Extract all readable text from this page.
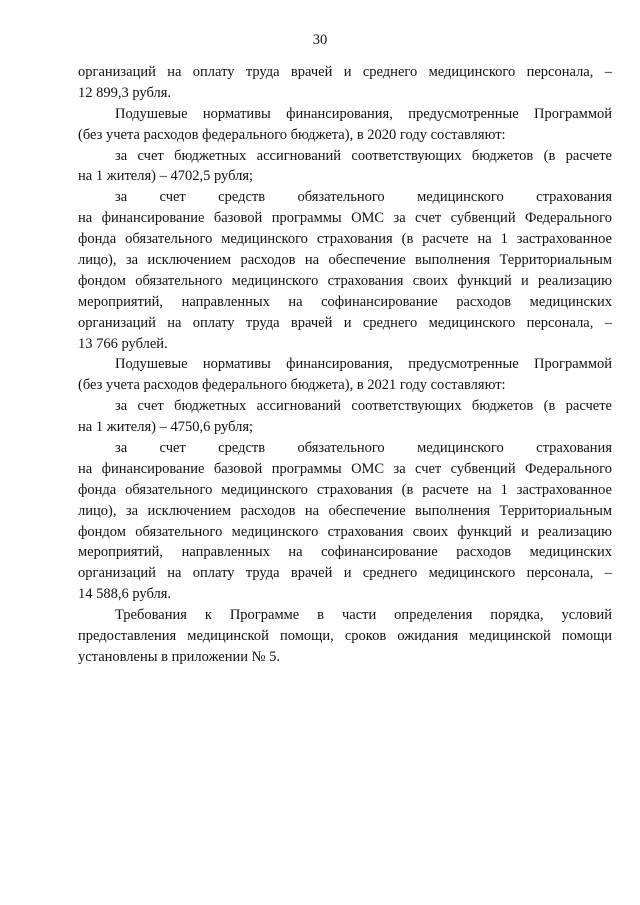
30
организаций на оплату труда врачей и среднего медицинского персонала, –
12 899,3 рубля.
Подушевые нормативы финансирования, предусмотренные Программой
(без учета расходов федерального бюджета), в 2020 году составляют:
за счет бюджетных ассигнований соответствующих бюджетов (в расчете
на 1 жителя) – 4702,5 рубля;
за счет средств обязательного медицинского страхования
на финансирование базовой программы ОМС за счет субвенций Федерального
фонда обязательного медицинского страхования (в расчете на 1 застрахованное
лицо), за исключением расходов на обеспечение выполнения Территориальным
фондом обязательного медицинского страхования своих функций и реализацию
мероприятий, направленных на софинансирование расходов медицинских
организаций на оплату труда врачей и среднего медицинского персонала, –
13 766 рублей.
Подушевые нормативы финансирования, предусмотренные Программой
(без учета расходов федерального бюджета), в 2021 году составляют:
за счет бюджетных ассигнований соответствующих бюджетов (в расчете
на 1 жителя) – 4750,6 рубля;
за счет средств обязательного медицинского страхования
на финансирование базовой программы ОМС за счет субвенций Федерального
фонда обязательного медицинского страхования (в расчете на 1 застрахованное
лицо), за исключением расходов на обеспечение выполнения Территориальным
фондом обязательного медицинского страхования своих функций и реализацию
мероприятий, направленных на софинансирование расходов медицинских
организаций на оплату труда врачей и среднего медицинского персонала, –
14 588,6 рубля.
Требования к Программе в части определения порядка, условий
предоставления медицинской помощи, сроков ожидания медицинской помощи
установлены в приложении № 5.
